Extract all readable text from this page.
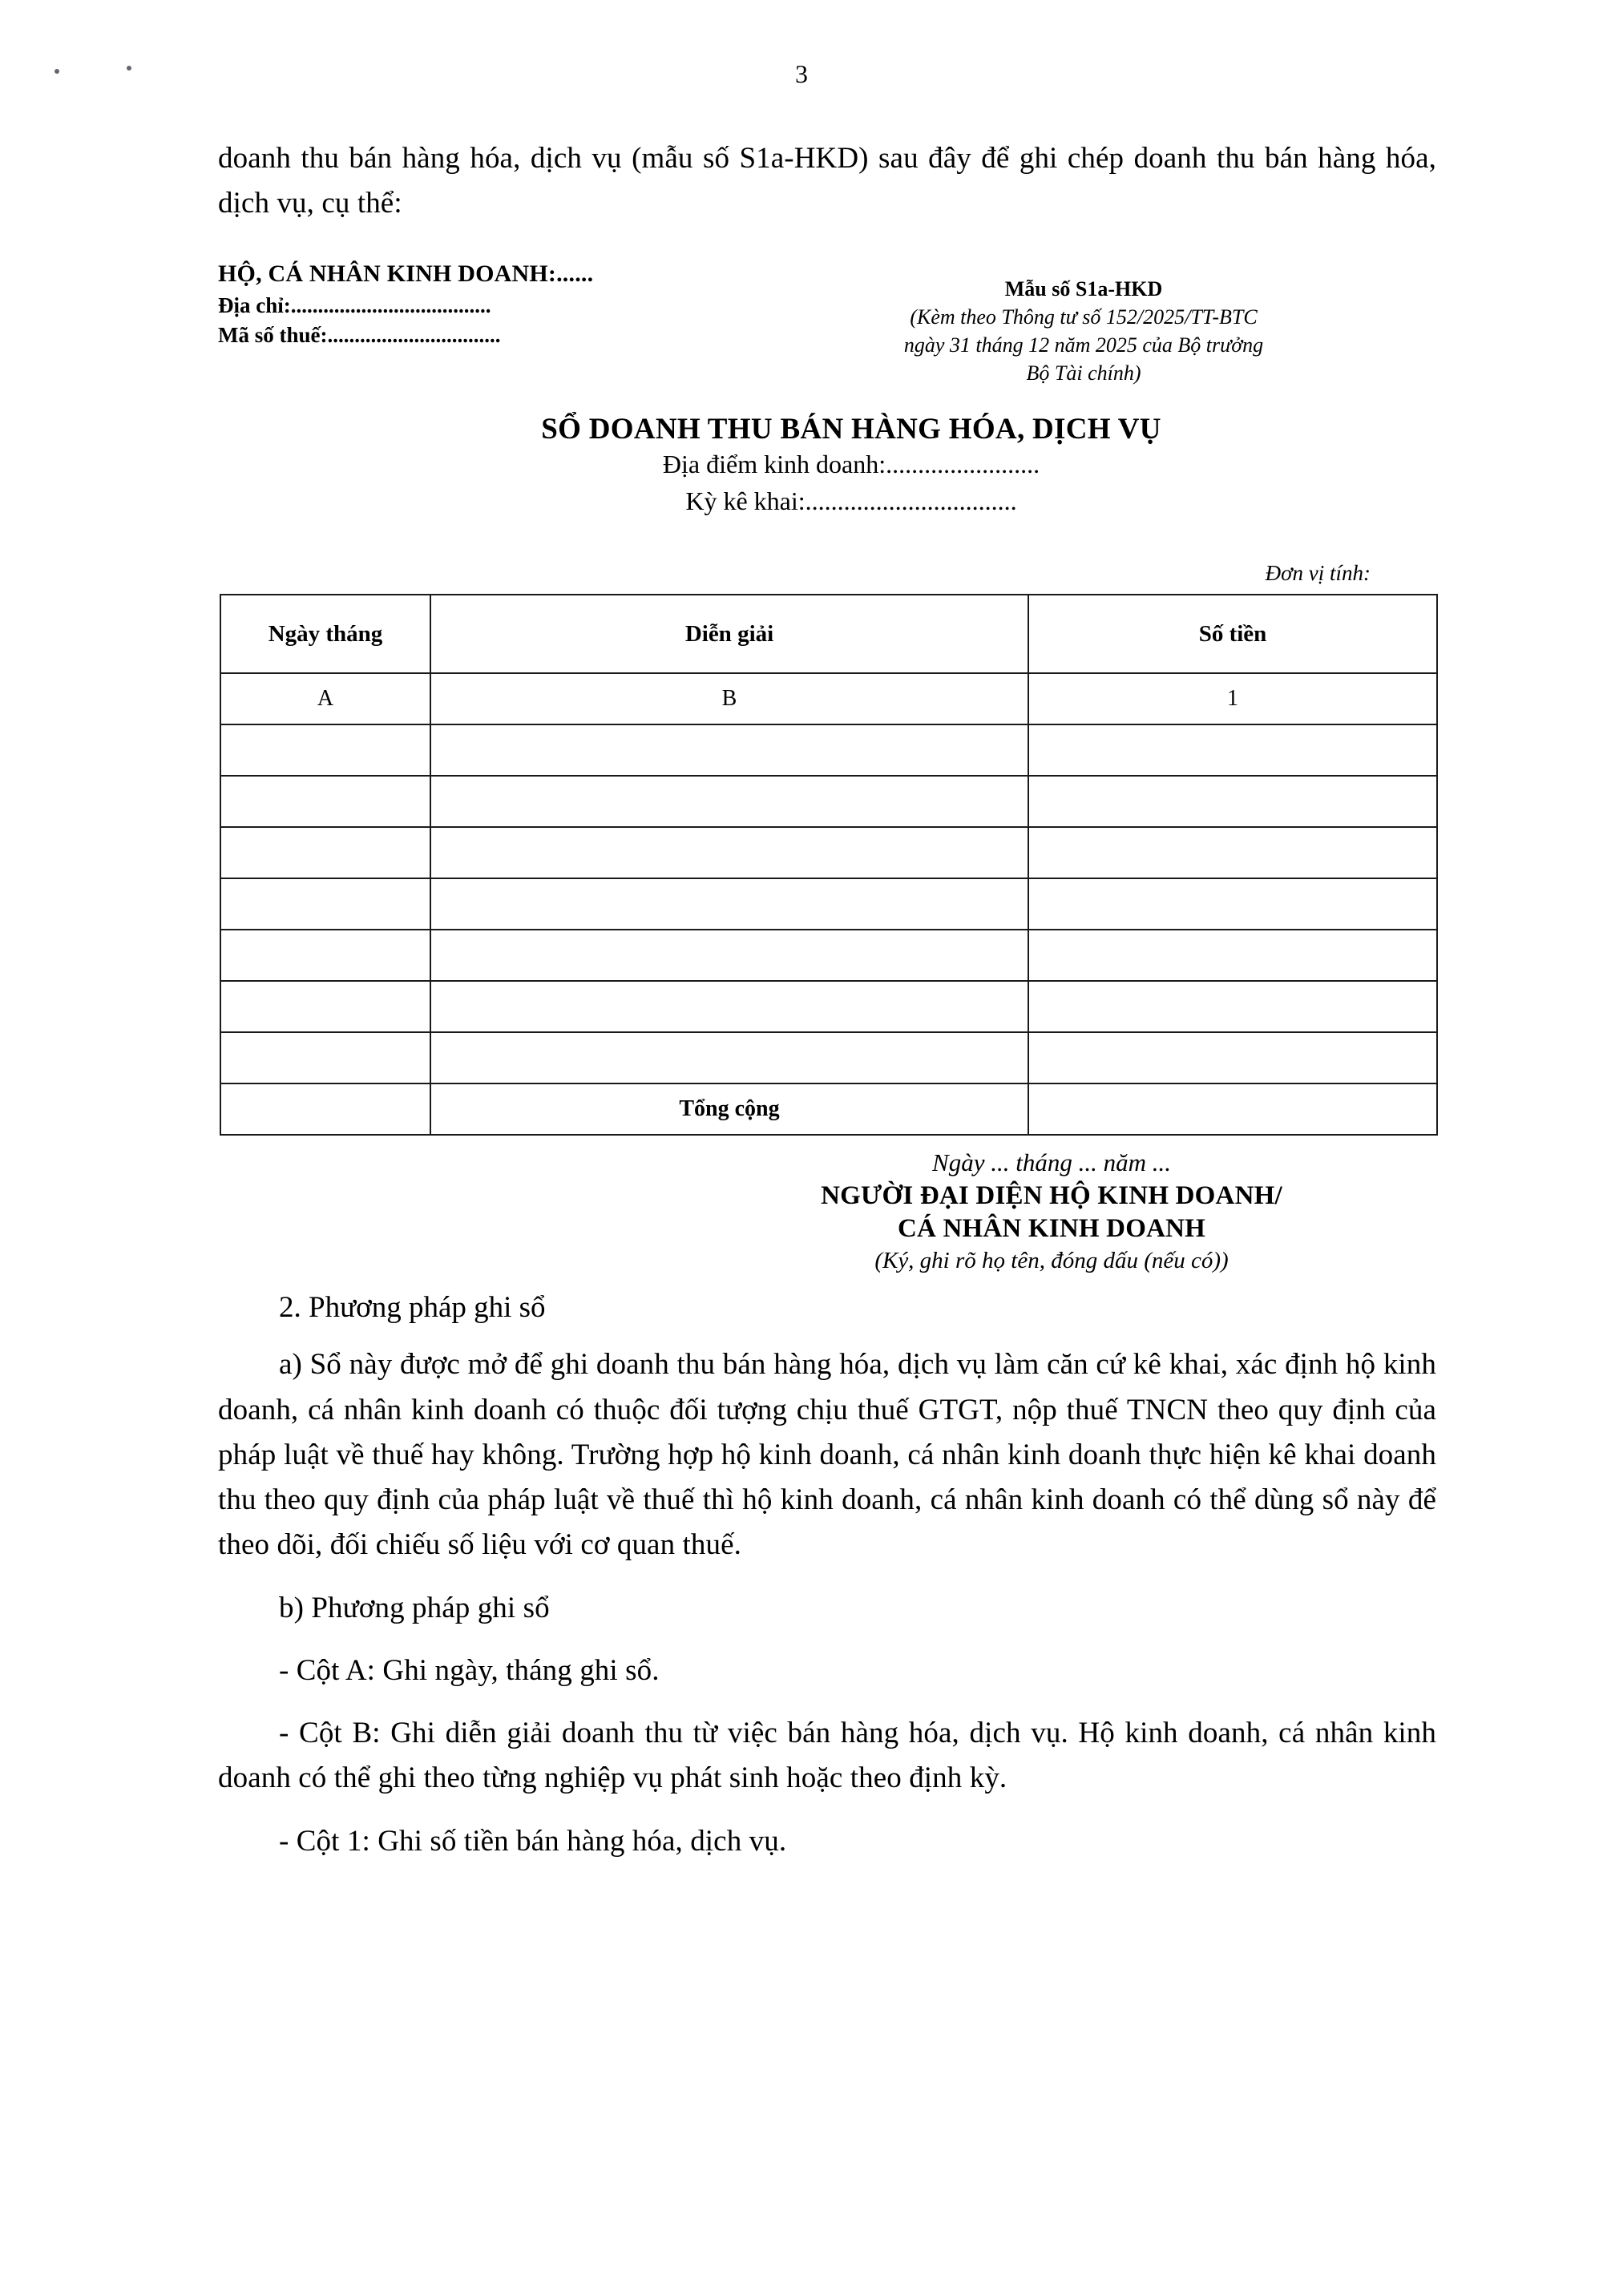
3

doanh thu bán hàng hóa, dịch vụ (mẫu số S1a-HKD) sau đây để ghi chép doanh thu bán hàng hóa, dịch vụ, cụ thể:

HỘ, CÁ NHÂN KINH DOANH:......
Địa chỉ:.....................................
Mã số thuế:................................
Mẫu số S1a-HKD
(Kèm theo Thông tư số 152/2025/TT-BTC
ngày 31 tháng 12 năm 2025 của Bộ trưởng
Bộ Tài chính)
SỔ DOANH THU BÁN HÀNG HÓA, DỊCH VỤ
Địa điểm kinh doanh:........................
Kỳ kê khai:.................................
Đơn vị tính:
Ngày tháng	Diễn giải	Số tiền
A	B	1

	Tổng cộng	
Ngày ... tháng ... năm ...
NGƯỜI ĐẠI DIỆN HỘ KINH DOANH/
CÁ NHÂN KINH DOANH
(Ký, ghi rõ họ tên, đóng dấu (nếu có))
2. Phương pháp ghi sổ

a) Sổ này được mở để ghi doanh thu bán hàng hóa, dịch vụ làm căn cứ kê khai, xác định hộ kinh doanh, cá nhân kinh doanh có thuộc đối tượng chịu thuế GTGT, nộp thuế TNCN theo quy định của pháp luật về thuế hay không. Trường hợp hộ kinh doanh, cá nhân kinh doanh thực hiện kê khai doanh thu theo quy định của pháp luật về thuế thì hộ kinh doanh, cá nhân kinh doanh có thể dùng sổ này để theo dõi, đối chiếu số liệu với cơ quan thuế.

b) Phương pháp ghi sổ

- Cột A: Ghi ngày, tháng ghi sổ.

- Cột B: Ghi diễn giải doanh thu từ việc bán hàng hóa, dịch vụ. Hộ kinh doanh, cá nhân kinh doanh có thể ghi theo từng nghiệp vụ phát sinh hoặc theo định kỳ.

- Cột 1: Ghi số tiền bán hàng hóa, dịch vụ.
